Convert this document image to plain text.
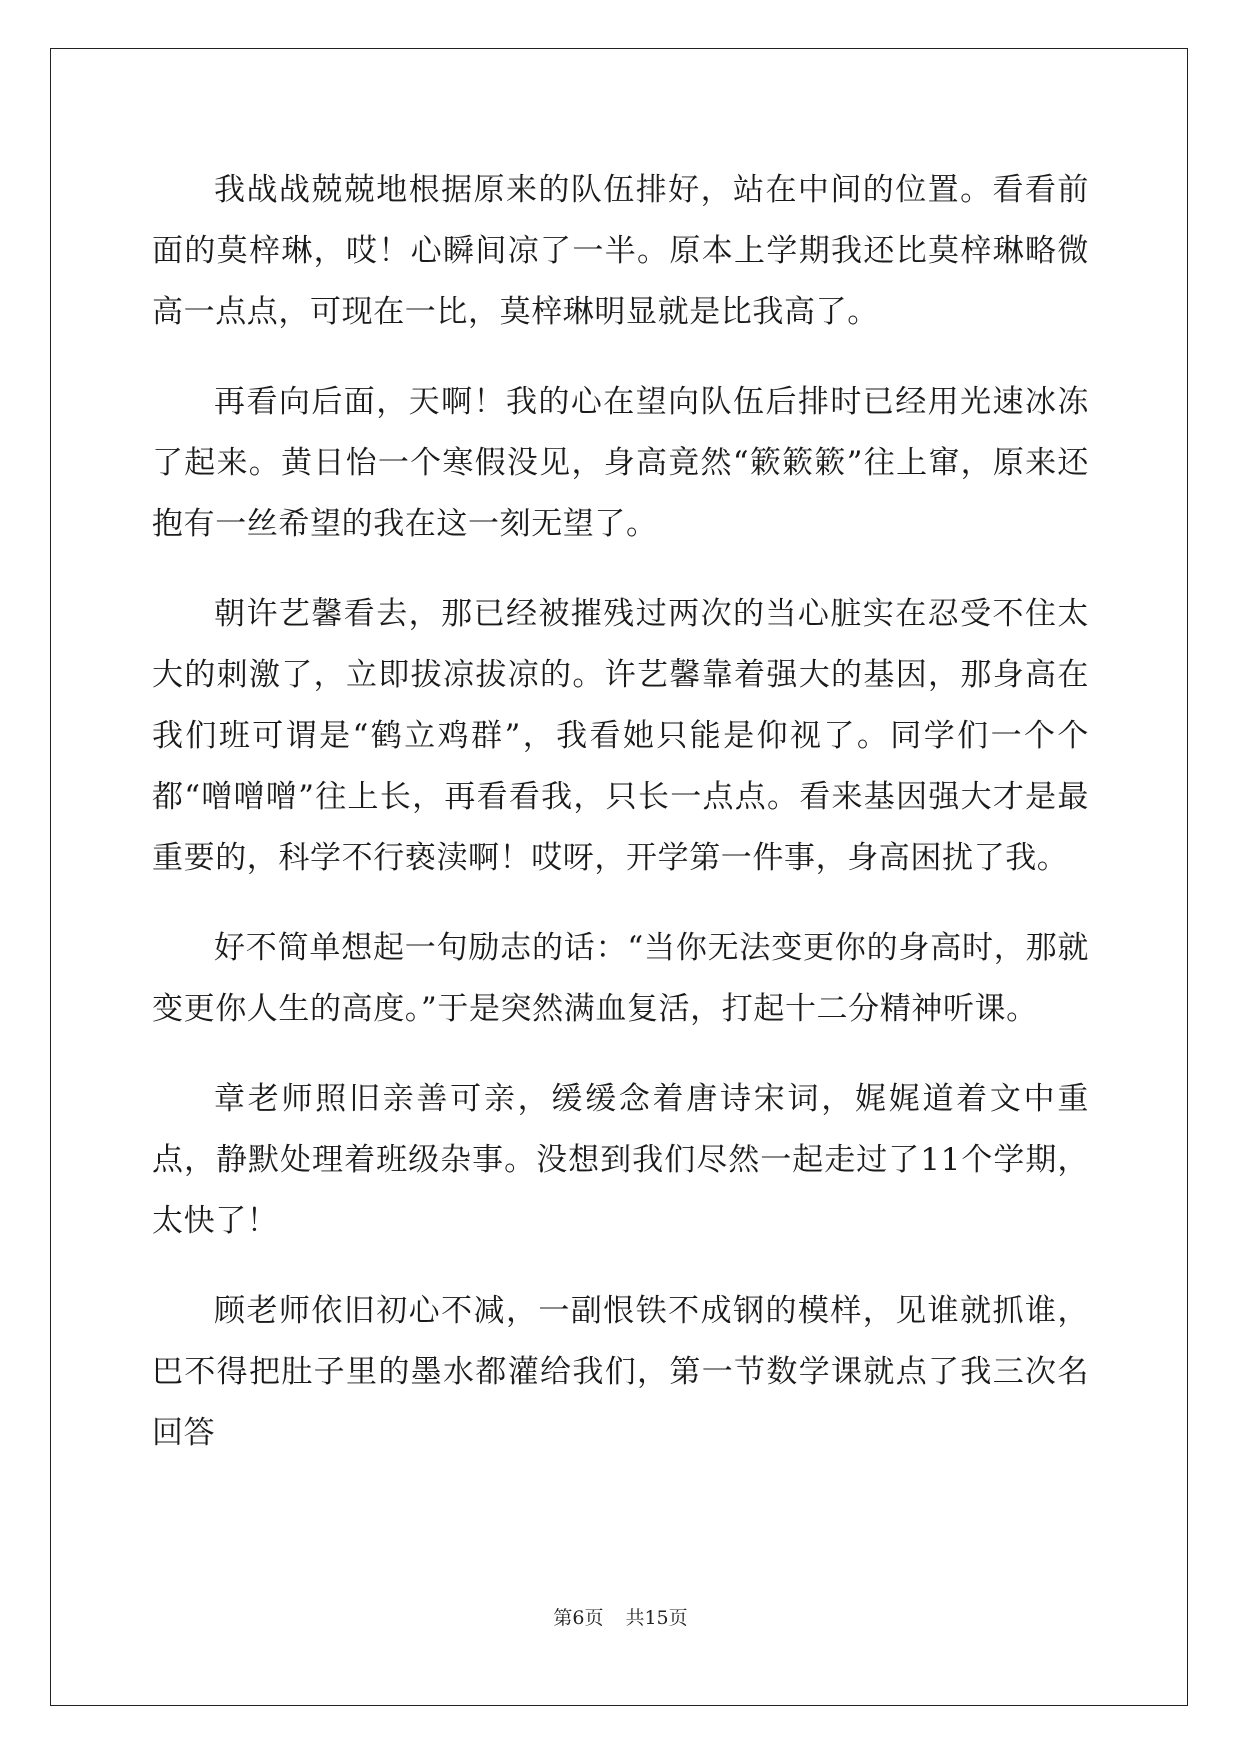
我战战兢兢地根据原来的队伍排好，站在中间的位置。看看前面的莫梓琳，哎！心瞬间凉了一半。原本上学期我还比莫梓琳略微高一点点，可现在一比，莫梓琳明显就是比我高了。

再看向后面，天啊！我的心在望向队伍后排时已经用光速冰冻了起来。黄日怡一个寒假没见，身高竟然“簌簌簌”往上窜，原来还抱有一丝希望的我在这一刻无望了。

朝许艺馨看去，那已经被摧残过两次的当心脏实在忍受不住太大的刺激了，立即拔凉拔凉的。许艺馨靠着强大的基因，那身高在我们班可谓是“鹤立鸡群”，我看她只能是仰视了。同学们一个个都“噌噌噌”往上长，再看看我，只长一点点。看来基因强大才是最重要的，科学不行亵渎啊！哎呀，开学第一件事，身高困扰了我。

好不简单想起一句励志的话：“当你无法变更你的身高时，那就变更你人生的高度。”于是突然满血复活，打起十二分精神听课。

章老师照旧亲善可亲，缓缓念着唐诗宋词，娓娓道着文中重点，静默处理着班级杂事。没想到我们尽然一起走过了11个学期，太快了！

顾老师依旧初心不减，一副恨铁不成钢的模样，见谁就抓谁，巴不得把肚子里的墨水都灌给我们，第一节数学课就点了我三次名回答

第6页 共15页
